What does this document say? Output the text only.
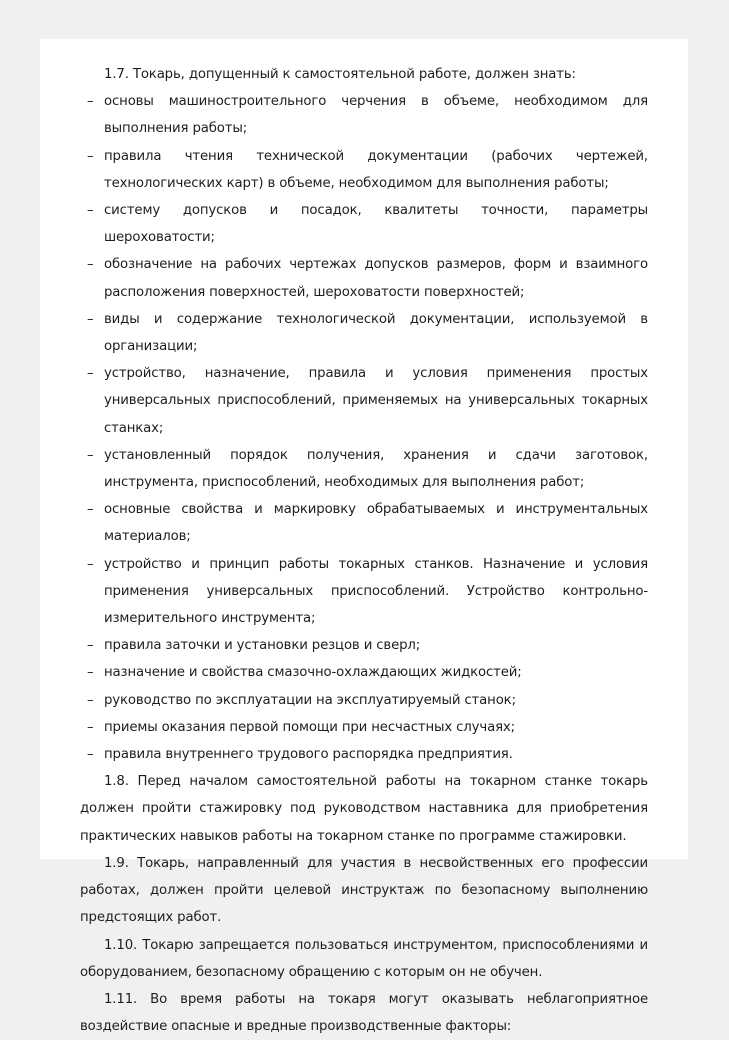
1.7. Токарь, допущенный к самостоятельной работе, должен знать:

– основы машиностроительного черчения в объеме, необходимом для выполнения работы;
– правила чтения технической документации (рабочих чертежей, технологических карт) в объеме, необходимом для выполнения работы;
– систему допусков и посадок, квалитеты точности, параметры шероховатости;
– обозначение на рабочих чертежах допусков размеров, форм и взаимного расположения поверхностей, шероховатости поверхностей;
– виды и содержание технологической документации, используемой в организации;
– устройство, назначение, правила и условия применения простых универсальных приспособлений, применяемых на универсальных токарных станках;
– установленный порядок получения, хранения и сдачи заготовок, инструмента, приспособлений, необходимых для выполнения работ;
– основные свойства и маркировку обрабатываемых и инструментальных материалов;
– устройство и принцип работы токарных станков. Назначение и условия применения универсальных приспособлений. Устройство контрольно-измерительного инструмента;
– правила заточки и установки резцов и сверл;
– назначение и свойства смазочно-охлаждающих жидкостей;
– руководство по эксплуатации на эксплуатируемый станок;
– приемы оказания первой помощи при несчастных случаях;
– правила внутреннего трудового распорядка предприятия.

1.8. Перед началом самостоятельной работы на токарном станке токарь должен пройти стажировку под руководством наставника для приобретения практических навыков работы на токарном станке по программе стажировки.

1.9. Токарь, направленный для участия в несвойственных его профессии работах, должен пройти целевой инструктаж по безопасному выполнению предстоящих работ.

1.10. Токарю запрещается пользоваться инструментом, приспособлениями и оборудованием, безопасному обращению с которым он не обучен.

1.11. Во время работы на токаря могут оказывать неблагоприятное воздействие опасные и вредные производственные факторы:
